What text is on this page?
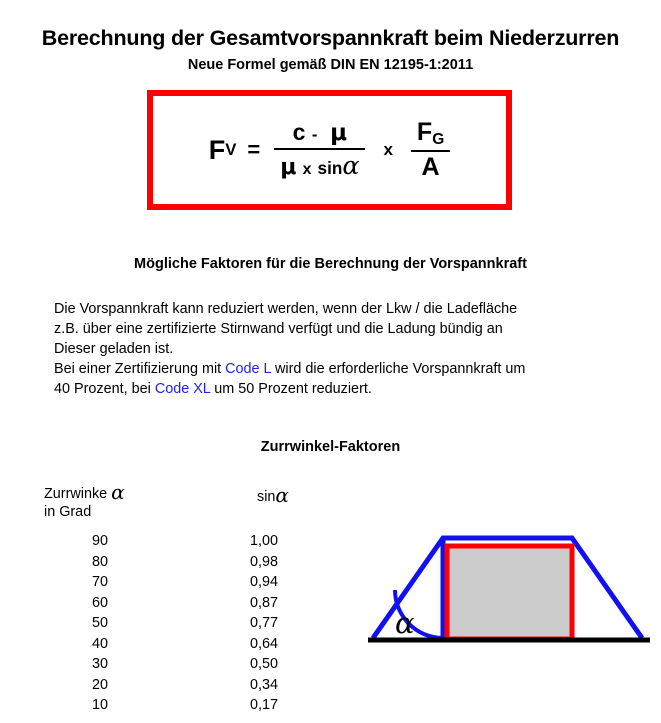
Berechnung der Gesamtvorspannkraft beim Niederzurren
Neue Formel gemäß DIN EN 12195-1:2011
F $V = \frac{c - \mu}{\text{μ x sinα}}$ x $\frac{F_G}{A}$
Mögliche Faktoren für die Berechnung der Vorspannkraft
Die Vorspannkraft kann reduziert werden, wenn der Lkw / die Ladefläche
z.B. über eine zertifizierte Stirnwand verfügt und die Ladung bündig an
Dieser geladen ist.
Bei einer Zertifizierung mit Code L wird die erforderliche Vorspannkraft um
40 Prozent, bei Code XL um 50 Prozent reduziert.
Zurrwinkel-Faktoren
Zurrwinke α
in Grad
sinα
90	1,00
80	0,98
70	0,94
60	0,87
50	0,77
40	0,64
30	0,50
20	0,34
10	0,17
α
